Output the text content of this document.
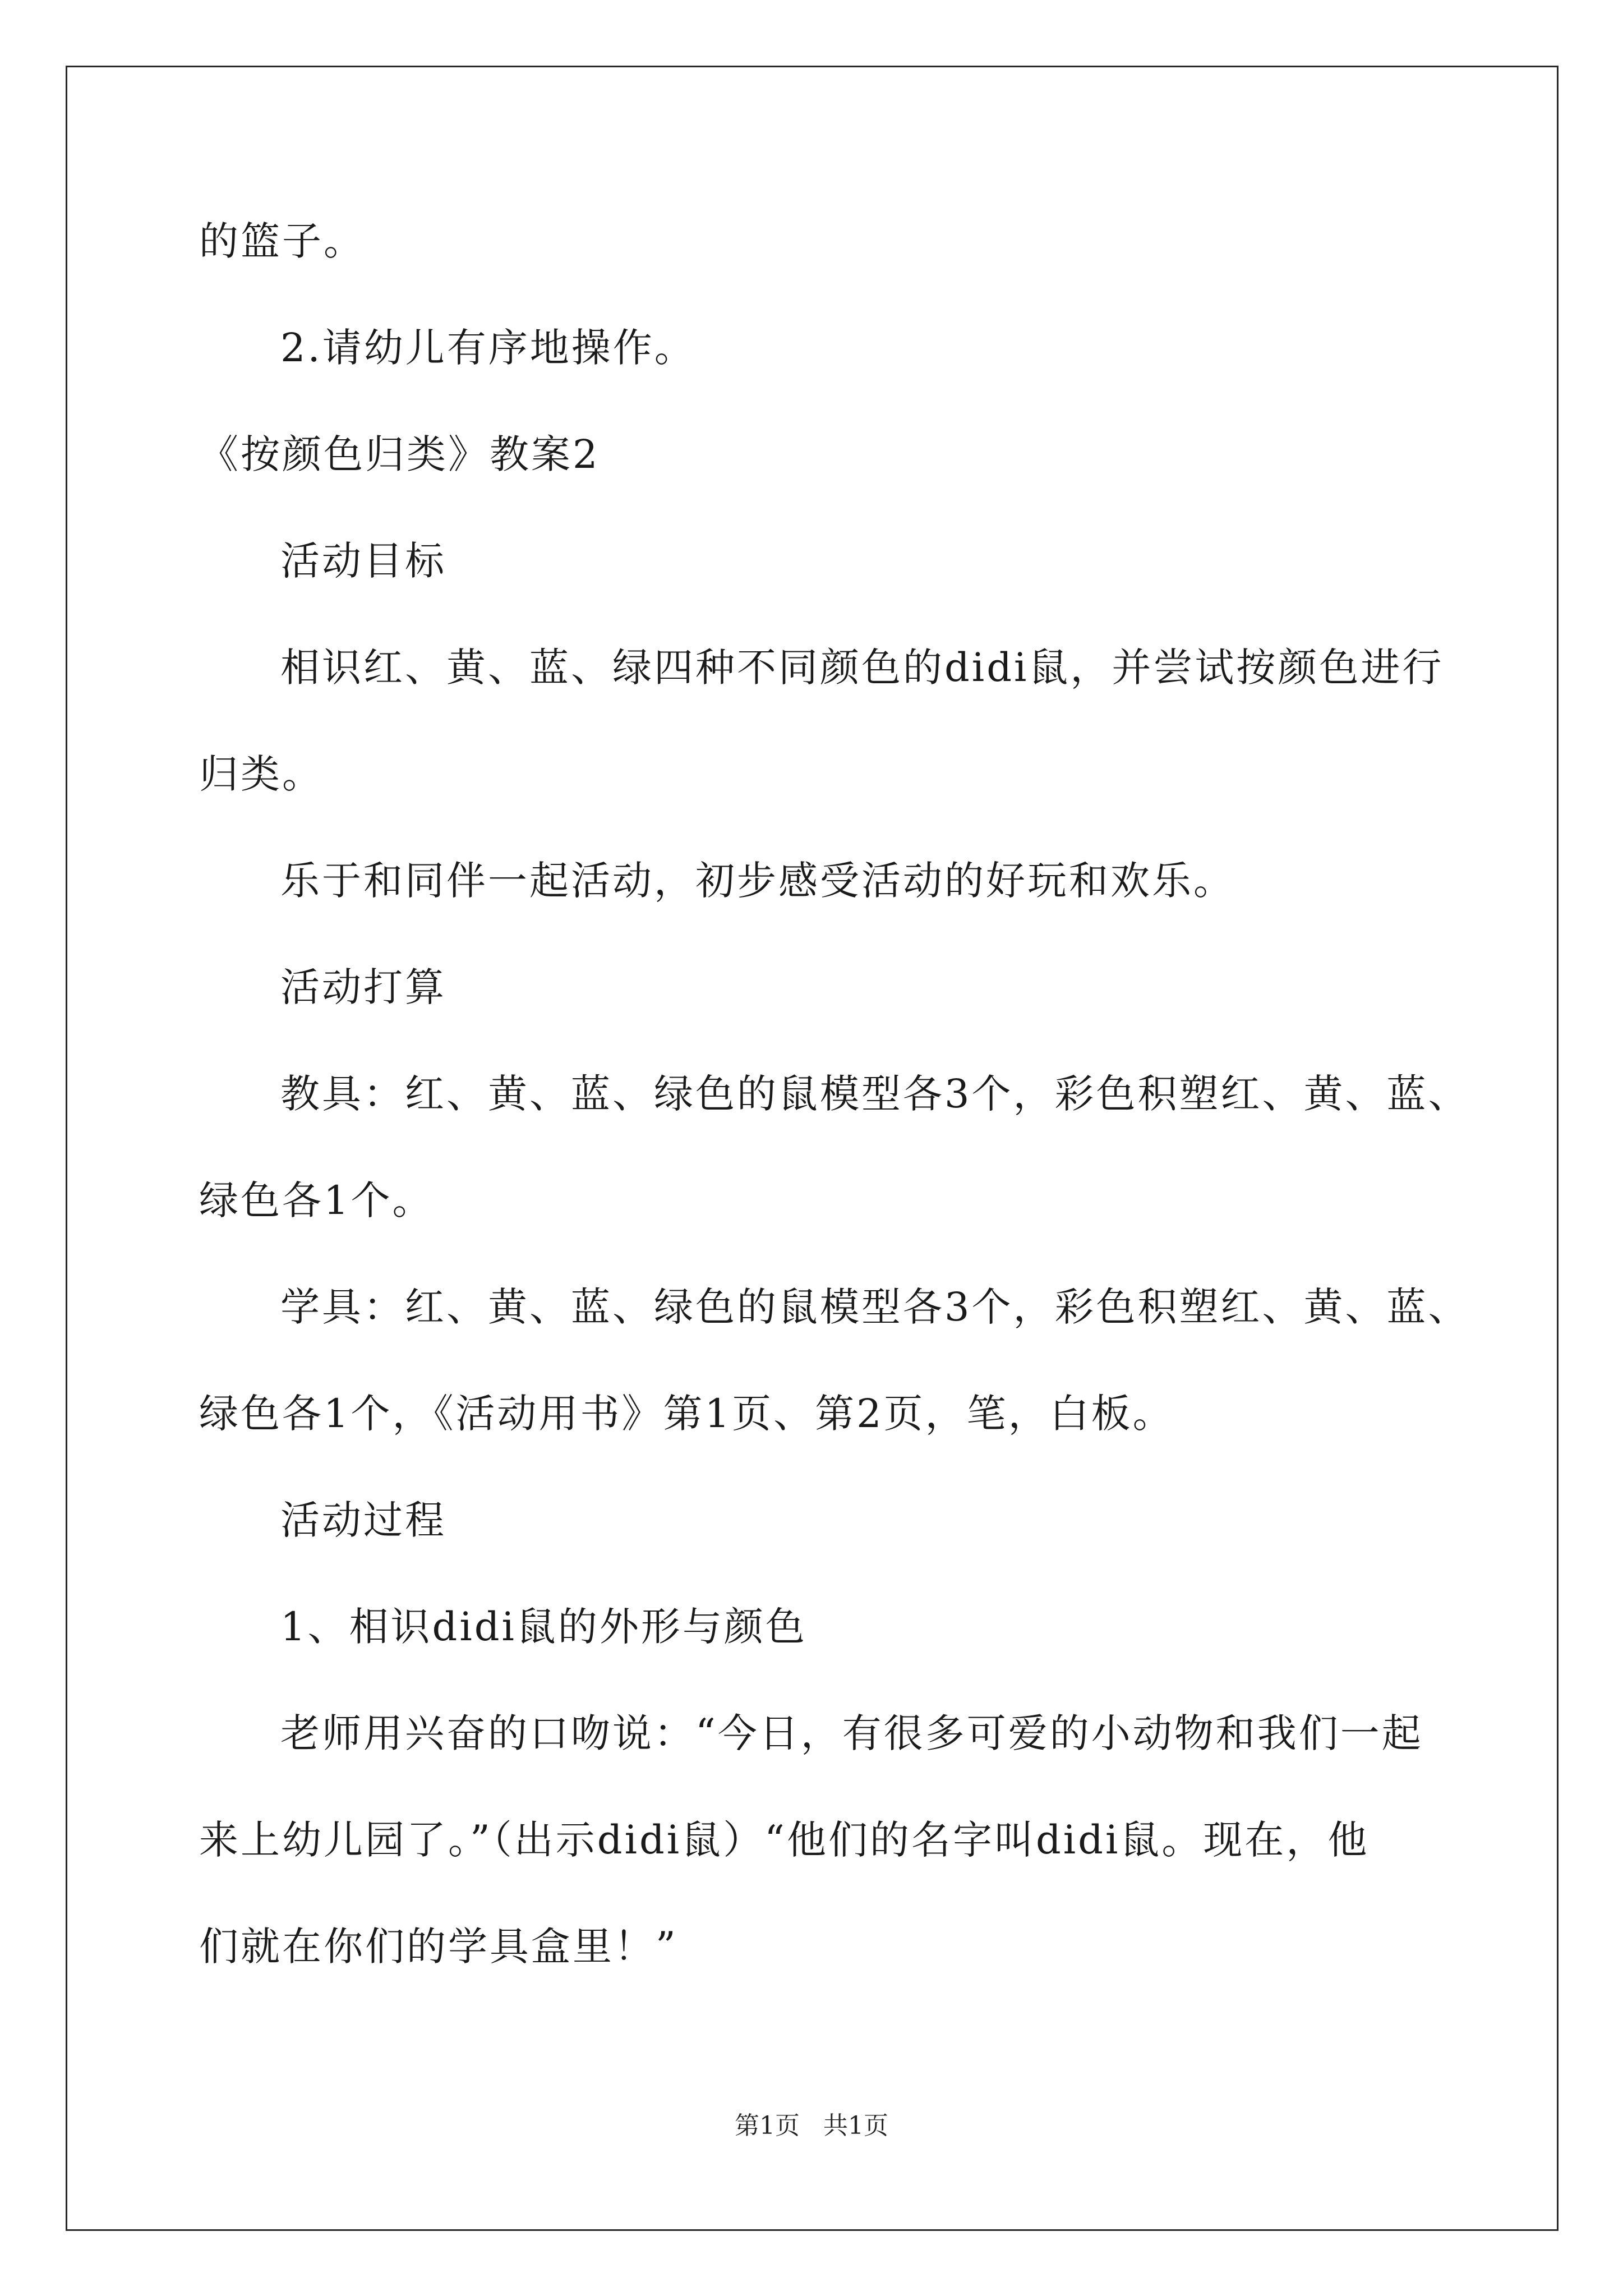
的篮子。
2.请幼儿有序地操作。
《按颜色归类》教案2
活动目标
相识红、黄、蓝、绿四种不同颜色的didi鼠，并尝试按颜色进行
归类。
乐于和同伴一起活动，初步感受活动的好玩和欢乐。
活动打算
教具：红、黄、蓝、绿色的鼠模型各3个，彩色积塑红、黄、蓝、
绿色各1个。
学具：红、黄、蓝、绿色的鼠模型各3个，彩色积塑红、黄、蓝、
绿色各1个，《活动用书》第1页、第2页，笔，白板。
活动过程
1、相识didi鼠的外形与颜色
老师用兴奋的口吻说：“今日，有很多可爱的小动物和我们一起
来上幼儿园了。”（出示didi鼠）“他们的名字叫didi鼠。现在，他
们就在你们的学具盒里！”
第1页 共1页
